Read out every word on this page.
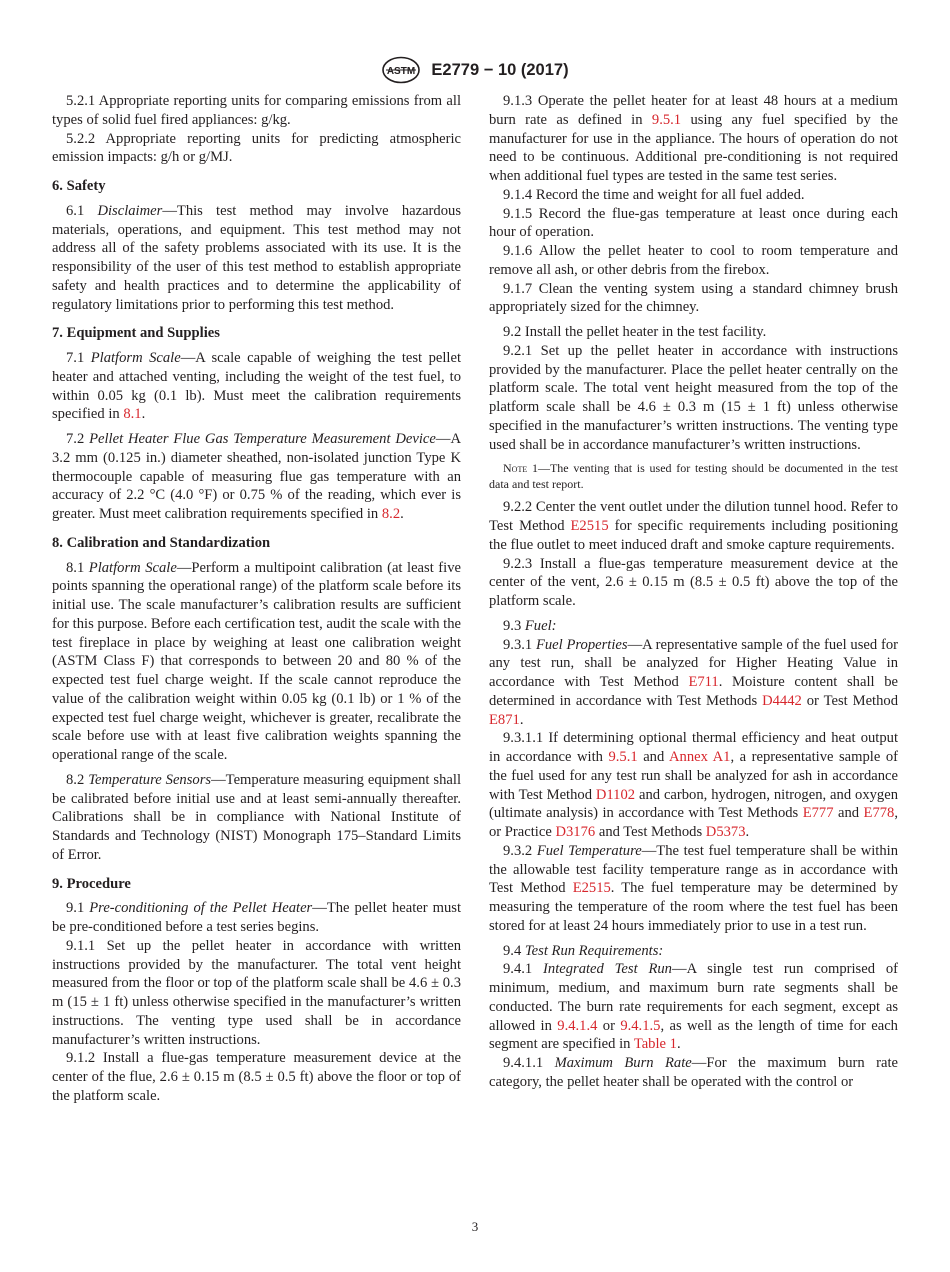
ASTM E2779 − 10 (2017)

5.2.1 Appropriate reporting units for comparing emissions from all types of solid fuel fired appliances: g/kg.

5.2.2 Appropriate reporting units for predicting atmospheric emission impacts: g/h or g/MJ.

6. Safety

6.1 Disclaimer—This test method may involve hazardous materials, operations, and equipment. This test method may not address all of the safety problems associated with its use. It is the responsibility of the user of this test method to establish appropriate safety and health practices and to determine the applicability of regulatory limitations prior to performing this test method.

7. Equipment and Supplies

7.1 Platform Scale—A scale capable of weighing the test pellet heater and attached venting, including the weight of the test fuel, to within 0.05 kg (0.1 lb). Must meet the calibration requirements specified in 8.1.

7.2 Pellet Heater Flue Gas Temperature Measurement Device—A 3.2 mm (0.125 in.) diameter sheathed, non-isolated junction Type K thermocouple capable of measuring flue gas temperature with an accuracy of 2.2 °C (4.0 °F) or 0.75 % of the reading, which ever is greater. Must meet calibration requirements specified in 8.2.

8. Calibration and Standardization

8.1 Platform Scale—Perform a multipoint calibration (at least five points spanning the operational range) of the platform scale before its initial use. The scale manufacturer’s calibration results are sufficient for this purpose. Before each certification test, audit the scale with the test fireplace in place by weighing at least one calibration weight (ASTM Class F) that corresponds to between 20 and 80 % of the expected test fuel charge weight. If the scale cannot reproduce the value of the calibration weight within 0.05 kg (0.1 lb) or 1 % of the expected test fuel charge weight, whichever is greater, recalibrate the scale before use with at least five calibration weights spanning the operational range of the scale.

8.2 Temperature Sensors—Temperature measuring equipment shall be calibrated before initial use and at least semi-annually thereafter. Calibrations shall be in compliance with National Institute of Standards and Technology (NIST) Monograph 175–Standard Limits of Error.

9. Procedure

9.1 Pre-conditioning of the Pellet Heater—The pellet heater must be pre-conditioned before a test series begins.

9.1.1 Set up the pellet heater in accordance with written instructions provided by the manufacturer. The total vent height measured from the floor or top of the platform scale shall be 4.6 ± 0.3 m (15 ± 1 ft) unless otherwise specified in the manufacturer’s written instructions. The venting type used shall be in accordance manufacturer’s written instructions.

9.1.2 Install a flue-gas temperature measurement device at the center of the flue, 2.6 ± 0.15 m (8.5 ± 0.5 ft) above the floor or top of the platform scale.

9.1.3 Operate the pellet heater for at least 48 hours at a medium burn rate as defined in 9.5.1 using any fuel specified by the manufacturer for use in the appliance. The hours of operation do not need to be continuous. Additional pre-conditioning is not required when additional fuel types are tested in the same test series.

9.1.4 Record the time and weight for all fuel added.

9.1.5 Record the flue-gas temperature at least once during each hour of operation.

9.1.6 Allow the pellet heater to cool to room temperature and remove all ash, or other debris from the firebox.

9.1.7 Clean the venting system using a standard chimney brush appropriately sized for the chimney.

9.2 Install the pellet heater in the test facility.

9.2.1 Set up the pellet heater in accordance with instructions provided by the manufacturer. Place the pellet heater centrally on the platform scale. The total vent height measured from the top of the platform scale shall be 4.6 ± 0.3 m (15 ± 1 ft) unless otherwise specified in the manufacturer’s written instructions. The venting type used shall be in accordance manufacturer’s written instructions.

Note 1—The venting that is used for testing should be documented in the test data and test report.

9.2.2 Center the vent outlet under the dilution tunnel hood. Refer to Test Method E2515 for specific requirements including positioning the flue outlet to meet induced draft and smoke capture requirements.

9.2.3 Install a flue-gas temperature measurement device at the center of the vent, 2.6 ± 0.15 m (8.5 ± 0.5 ft) above the top of the platform scale.

9.3 Fuel:

9.3.1 Fuel Properties—A representative sample of the fuel used for any test run, shall be analyzed for Higher Heating Value in accordance with Test Method E711. Moisture content shall be determined in accordance with Test Methods D4442 or Test Method E871.

9.3.1.1 If determining optional thermal efficiency and heat output in accordance with 9.5.1 and Annex A1, a representative sample of the fuel used for any test run shall be analyzed for ash in accordance with Test Method D1102 and carbon, hydrogen, nitrogen, and oxygen (ultimate analysis) in accordance with Test Methods E777 and E778, or Practice D3176 and Test Methods D5373.

9.3.2 Fuel Temperature—The test fuel temperature shall be within the allowable test facility temperature range as in accordance with Test Method E2515. The fuel temperature may be determined by measuring the temperature of the room where the test fuel has been stored for at least 24 hours immediately prior to use in a test run.

9.4 Test Run Requirements:

9.4.1 Integrated Test Run—A single test run comprised of minimum, medium, and maximum burn rate segments shall be conducted. The burn rate requirements for each segment, except as allowed in 9.4.1.4 or 9.4.1.5, as well as the length of time for each segment are specified in Table 1.

9.4.1.1 Maximum Burn Rate—For the maximum burn rate category, the pellet heater shall be operated with the control or

3
